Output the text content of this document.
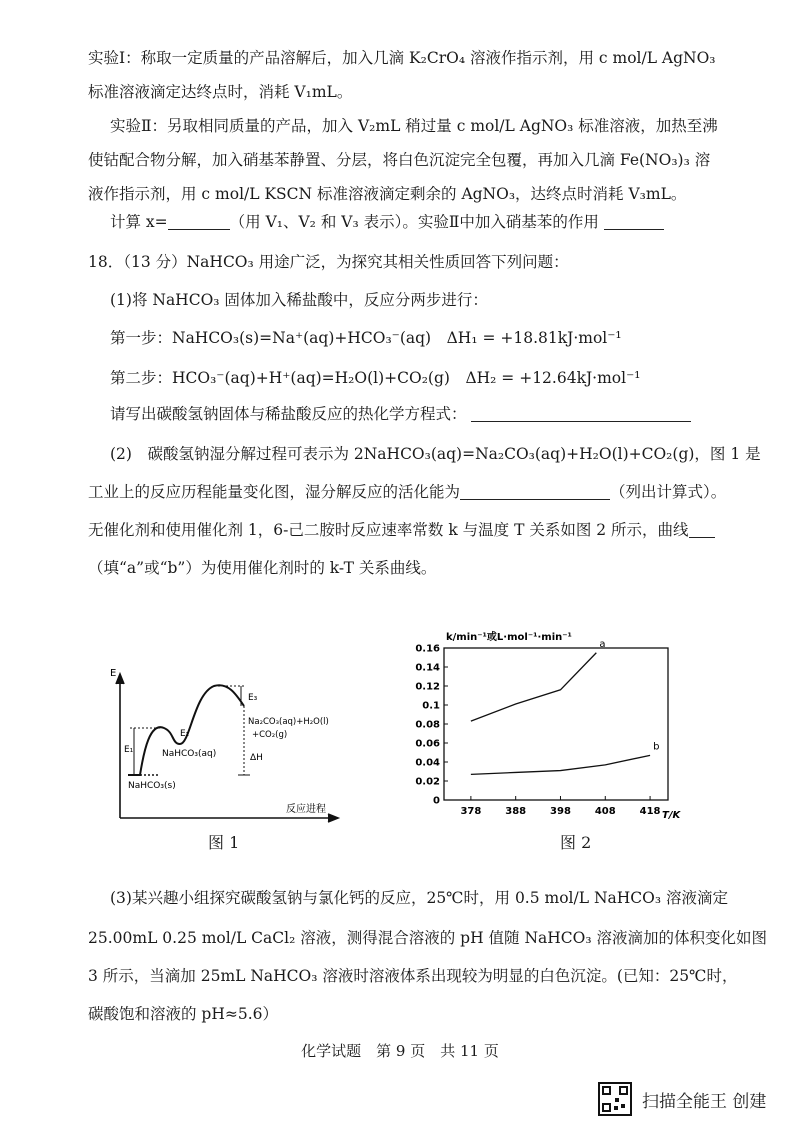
实验Ⅰ：称取一定质量的产品溶解后，加入几滴 K₂CrO₄ 溶液作指示剂，用 c mol/L AgNO₃
标准溶液滴定达终点时，消耗 V₁mL。
实验Ⅱ：另取相同质量的产品，加入 V₂mL 稍过量 c mol/L AgNO₃ 标准溶液，加热至沸
使钴配合物分解，加入硝基苯静置、分层，将白色沉淀完全包覆，再加入几滴 Fe(NO₃)₃ 溶
液作指示剂，用 c mol/L KSCN 标准溶液滴定剩余的 AgNO₃，达终点时消耗 V₃mL。
计算 x=	（用 V₁、V₂ 和 V₃ 表示）。实验Ⅱ中加入硝基苯的作用
18．（13 分）NaHCO₃ 用途广泛，为探究其相关性质回答下列问题：
(1)将 NaHCO₃ 固体加入稀盐酸中，反应分两步进行：
第一步：NaHCO₃(s)=Na⁺(aq)+HCO₃⁻(aq)　ΔH₁ = +18.81kJ·mol⁻¹
第二步：HCO₃⁻(aq)+H⁺(aq)=H₂O(l)+CO₂(g)　ΔH₂ = +12.64kJ·mol⁻¹
请写出碳酸氢钠固体与稀盐酸反应的热化学方程式：
(2)　碳酸氢钠湿分解过程可表示为 2NaHCO₃(aq)=Na₂CO₃(aq)+H₂O(l)+CO₂(g)，图 1 是
工业上的反应历程能量变化图，湿分解反应的活化能为	（列出计算式）。
无催化剂和使用催化剂 1，6-己二胺时反应速率常数 k 与温度 T 关系如图 2 所示，曲线
（填“a”或“b”）为使用催化剂时的 k-T 关系曲线。
E
反应进程
NaHCO₃(s)
NaHCO₃(aq)
Na₂CO₃(aq)+H₂O(l)
+CO₂(g)
E₁
E₂
E₃
ΔH
图 1
k/min⁻¹或L·mol⁻¹·min⁻¹
T/K
0
0.02
0.04
0.06
0.08
0.1
0.12
0.14
0.16
378 388 398 408 418
a
b
图 2
(3)某兴趣小组探究碳酸氢钠与氯化钙的反应，25℃时，用 0.5 mol/L NaHCO₃ 溶液滴定
25.00mL 0.25 mol/L CaCl₂ 溶液，测得混合溶液的 pH 值随 NaHCO₃ 溶液滴加的体积变化如图
3 所示，当滴加 25mL NaHCO₃ 溶液时溶液体系出现较为明显的白色沉淀。(已知：25℃时，
碳酸饱和溶液的 pH≈5.6）
化学试题　第 9 页　共 11 页
扫描全能王 创建
